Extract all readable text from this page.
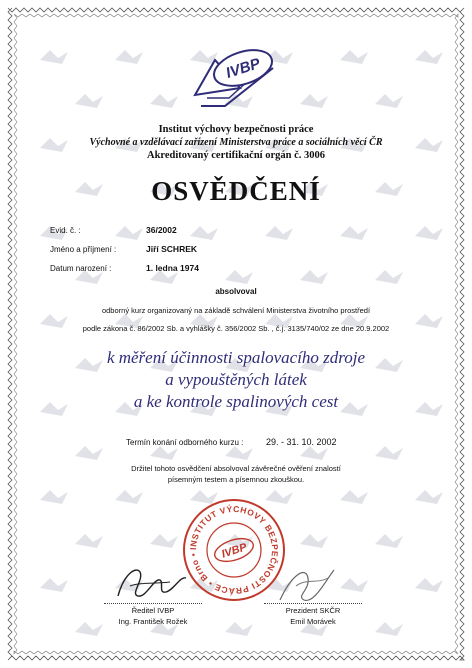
IVBP
Institut výchovy bezpečnosti práce
Výchovné a vzdělávací zařízení Ministerstva práce a sociálních věcí ČR
Akreditovaný certifikační orgán č. 3006
OSVĚDČENÍ
Evid. č. :	36/2002
Jméno a příjmení :	Jiří SCHREK
Datum narození :	1. ledna 1974
absolvoval
odborný kurz organizovaný na základě schválení Ministerstva životního prostředí
podle zákona č. 86/2002 Sb. a vyhlášky č. 356/2002 Sb. , č.j. 3135/740/02 ze dne 20.9.2002
k měření účinnosti spalovacího zdroje
a vypouštěných látek
a ke kontrole spalinových cest
Termín konání odborného kurzu :	29. - 31. 10. 2002
Držitel tohoto osvědčení absolvoval závěrečné ověření znalostí
písemným testem a písemnou zkouškou.
INSTITUT VÝCHOVY BEZPEČNOSTI PRÁCE • Brno •	IVBP
Ředitel IVBP
Ing. František Rožek
Prezident SKČR
Emil Morávek
